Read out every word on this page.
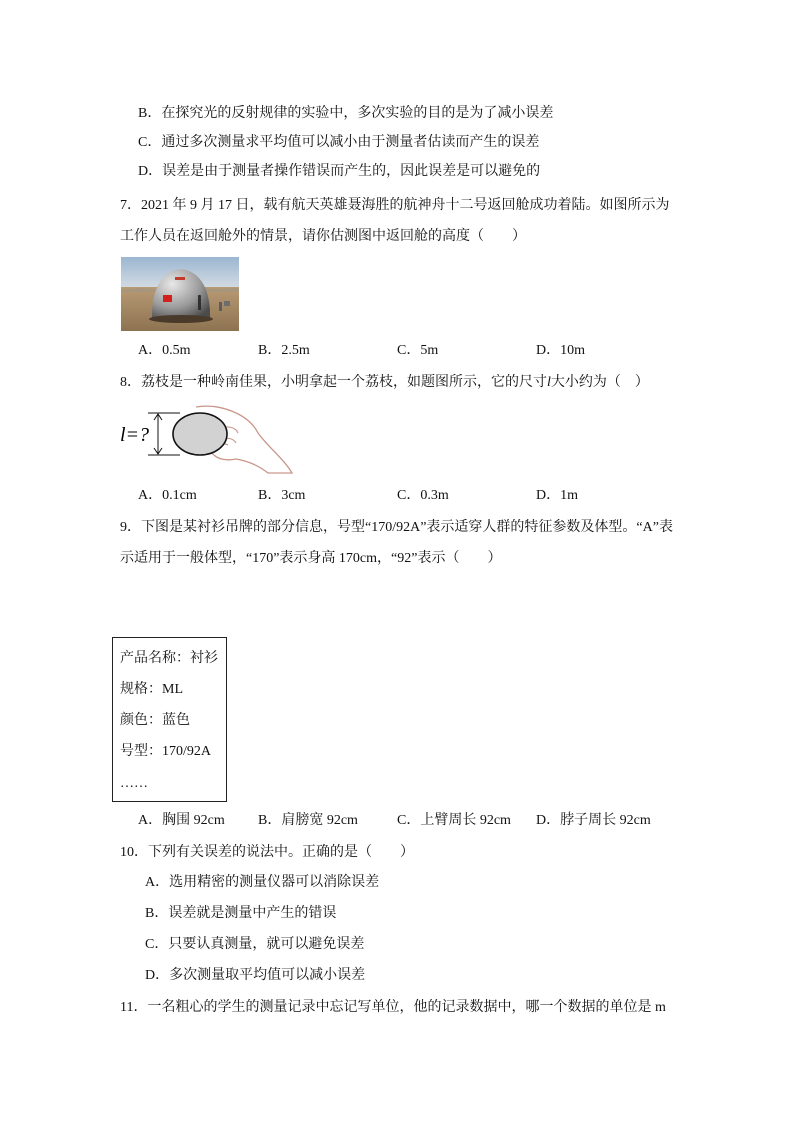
B．在探究光的反射规律的实验中，多次实验的目的是为了减小误差
C．通过多次测量求平均值可以减小由于测量者估读而产生的误差
D．误差是由于测量者操作错误而产生的，因此误差是可以避免的
7．2021 年 9 月 17 日，载有航天英雄聂海胜的航神舟十二号返回舱成功着陆。如图所示为
工作人员在返回舱外的情景，请你估测图中返回舱的高度（　　）
A．0.5m	B．2.5m	C．5m	D．10m
8．荔枝是一种岭南佳果，小明拿起一个荔枝，如题图所示，它的尺寸l大小约为（　）
l=?
A．0.1cm	B．3cm	C．0.3m	D．1m
9．下图是某衬衫吊牌的部分信息，号型“170/92A”表示适穿人群的特征参数及体型。“A”表
示适用于一般体型，“170”表示身高 170cm，“92”表示（　　）
产品名称：衬衫
规格：ML
颜色：蓝色
号型：170/92A
……
A．胸围 92cm B．肩膀宽 92cm	C．上臂周长 92cm D．脖子周长 92cm
10．下列有关误差的说法中。正确的是（　　）
A．选用精密的测量仪器可以消除误差
B．误差就是测量中产生的错误
C．只要认真测量，就可以避免误差
D．多次测量取平均值可以减小误差
11．一名粗心的学生的测量记录中忘记写单位，他的记录数据中，哪一个数据的单位是 m
